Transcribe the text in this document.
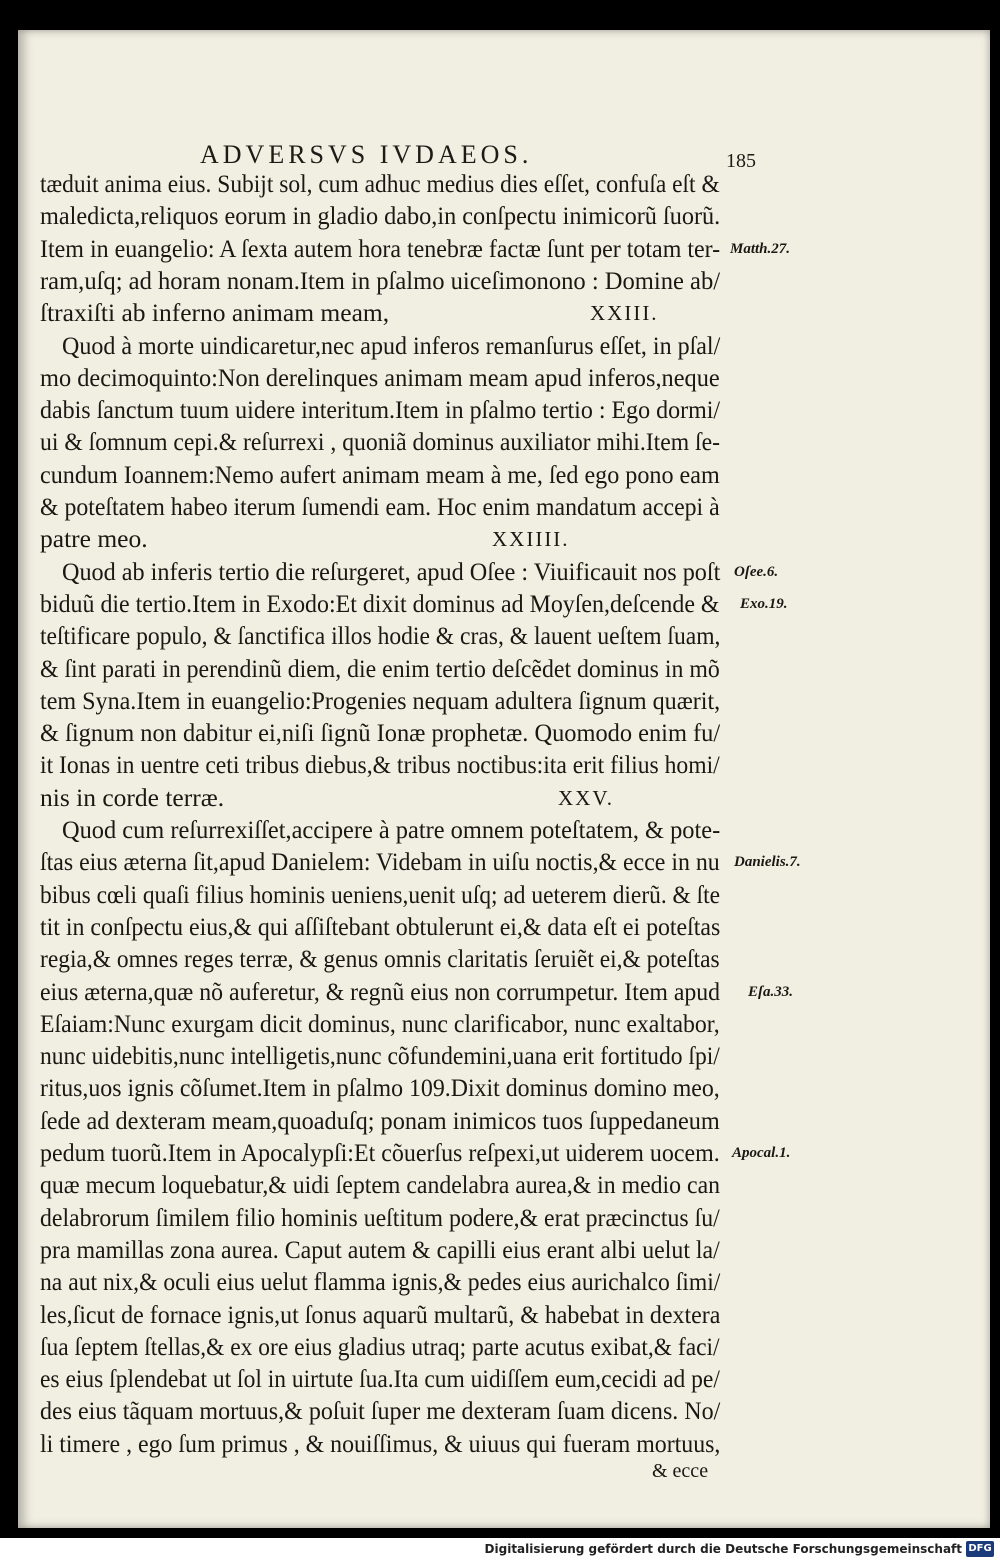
ADVERSVS IVDAEOS.	185
tæduit anima eius. Subijt sol, cum adhuc medius dies eſſet, confuſa eſt &
maledicta,reliquos eorum in gladio dabo,in conſpectu inimicorũ ſuorũ.
Item in euangelio: A ſexta autem hora tenebræ factæ ſunt per totam ter-
ram,uſq; ad horam nonam.Item in pſalmo uiceſimonono : Domine ab/
ſtraxiſti ab inferno animam meam,
Quod à morte uindicaretur,nec apud inferos remanſurus eſſet, in pſal/
mo decimoquinto:Non derelinques animam meam apud inferos,neque
dabis ſanctum tuum uidere interitum.Item in pſalmo tertio : Ego dormi/
ui & ſomnum cepi.& reſurrexi , quoniã dominus auxiliator mihi.Item ſe-
cundum Ioannem:Nemo aufert animam meam à me, ſed ego pono eam
& poteſtatem habeo iterum ſumendi eam. Hoc enim mandatum accepi à
patre meo.
Quod ab inferis tertio die reſurgeret, apud Oſee : Viuificauit nos poſt
biduũ die tertio.Item in Exodo:Et dixit dominus ad Moyſen,deſcende &
teſtificare populo, & ſanctifica illos hodie & cras, & lauent ueſtem ſuam,
& ſint parati in perendinũ diem, die enim tertio deſcẽdet dominus in mõ
tem Syna.Item in euangelio:Progenies nequam adultera ſignum quærit,
& ſignum non dabitur ei,niſi ſignũ Ionæ prophetæ. Quomodo enim fu/
it Ionas in uentre ceti tribus diebus,& tribus noctibus:ita erit filius homi/
nis in corde terræ.
Quod cum reſurrexiſſet,accipere à patre omnem poteſtatem, & pote-
ſtas eius æterna ſit,apud Danielem: Videbam in uiſu noctis,& ecce in nu
bibus cœli quaſi filius hominis ueniens,uenit uſq; ad ueterem dierũ. & ſte
tit in conſpectu eius,& qui aſſiſtebant obtulerunt ei,& data eſt ei poteſtas
regia,& omnes reges terræ, & genus omnis claritatis ſeruiẽt ei,& poteſtas
eius æterna,quæ nõ auferetur, & regnũ eius non corrumpetur. Item apud
Eſaiam:Nunc exurgam dicit dominus, nunc clarificabor, nunc exaltabor,
nunc uidebitis,nunc intelligetis,nunc cõfundemini,uana erit fortitudo ſpi/
ritus,uos ignis cõſumet.Item in pſalmo 109.Dixit dominus domino meo,
ſede ad dexteram meam,quoaduſq; ponam inimicos tuos ſuppedaneum
pedum tuorũ.Item in Apocalypſi:Et cõuerſus reſpexi,ut uiderem uocem.
quæ mecum loquebatur,& uidi ſeptem candelabra aurea,& in medio can
delabrorum ſimilem filio hominis ueſtitum podere,& erat præcinctus ſu/
pra mamillas zona aurea. Caput autem & capilli eius erant albi uelut la/
na aut nix,& oculi eius uelut flamma ignis,& pedes eius aurichalco ſimi/
les,ſicut de fornace ignis,ut ſonus aquarũ multarũ, & habebat in dextera
ſua ſeptem ſtellas,& ex ore eius gladius utraq; parte acutus exibat,& faci/
es eius ſplendebat ut ſol in uirtute ſua.Ita cum uidiſſem eum,cecidi ad pe/
des eius tãquam mortuus,& poſuit ſuper me dexteram ſuam dicens. No/
li timere , ego ſum primus , & nouiſſimus, & uiuus qui fueram mortuus,
XXIII.
XXIIII.
XXV.
Matth.27.
Oſee.6.
Exo.19.
Danielis.7.
Eſa.33.
Apocal.1.
& ecce
Digitalisierung gefördert durch die Deutsche Forschungsgemeinschaft DFG
